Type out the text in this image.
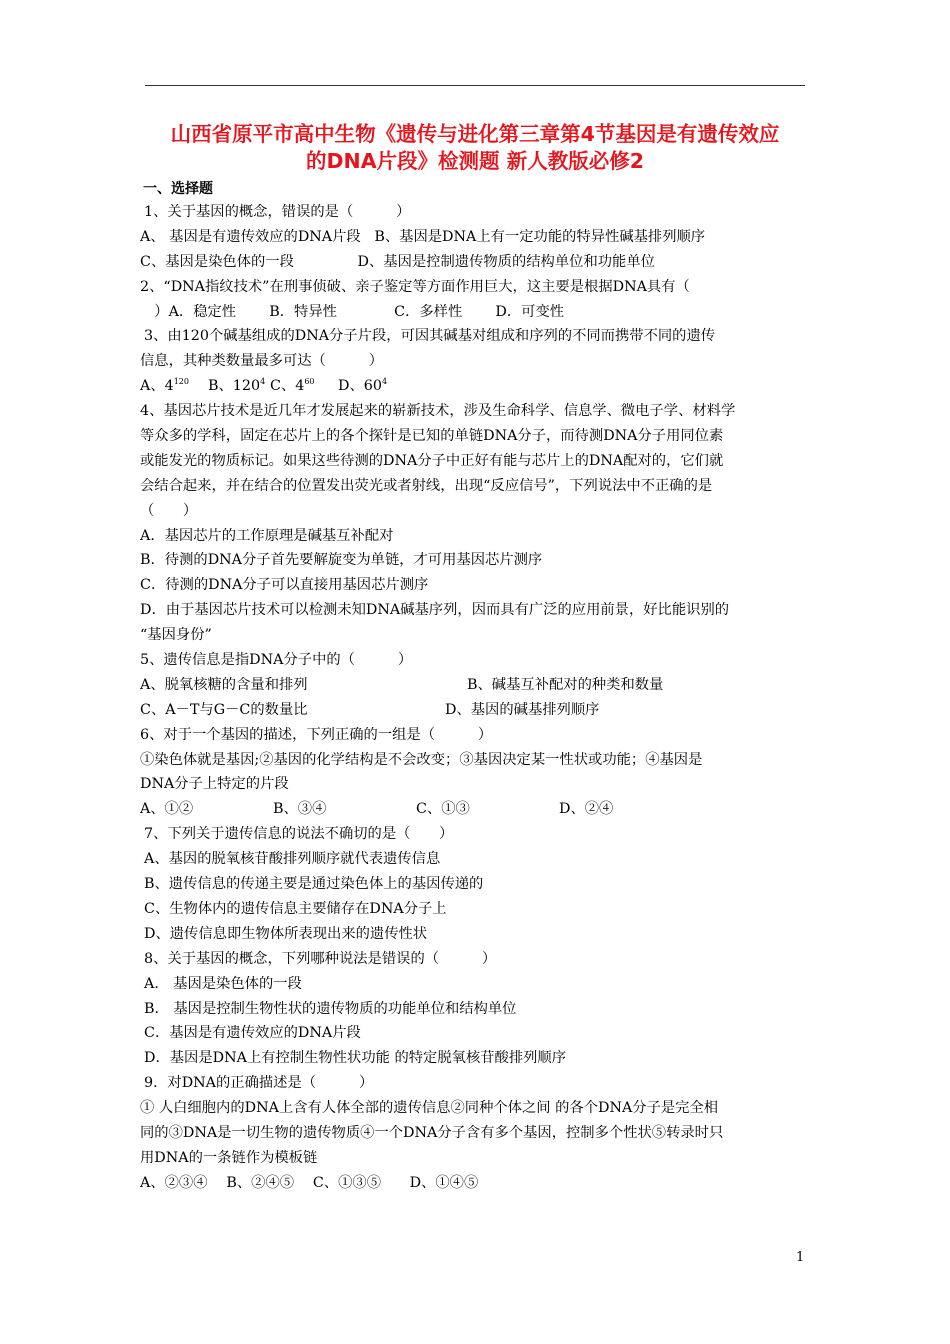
山西省原平市高中生物《遗传与进化第三章第4节基因是有遗传效应
的DNA片段》检测题 新人教版必修2
一、选择题
1、关于基因的概念，错误的是（　　　）
A、 基因是有遗传效应的DNA片段   B、基因是DNA上有一定功能的特异性碱基排列顺序
C、基因是染色体的一段              D、基因是控制遗传物质的结构单位和功能单位
2、“DNA指纹技术”在刑事侦破、亲子鉴定等方面作用巨大，这主要是根据DNA具有（
　）A．稳定性　　 B．特异性　　　　C．多样性　　 D．可变性
3、由120个碱基组成的DNA分子片段，可因其碱基对组成和序列的不同而携带不同的遗传
信息，其种类数量最多可达（　　　）
A、$4^{120}$	B、$120^4$ C、$4^{60}$	D、$60^4$
4、基因芯片技术是近几年才发展起来的崭新技术，涉及生命科学、信息学、微电子学、材料学
等众多的学科，固定在芯片上的各个探针是已知的单链DNA分子，而待测DNA分子用同位素
或能发光的物质标记。如果这些待测的DNA分子中正好有能与芯片上的DNA配对的，它们就
会结合起来，并在结合的位置发出荧光或者射线，出现“反应信号”，下列说法中不正确的是
（　　）
A．基因芯片的工作原理是碱基互补配对
B．待测的DNA分子首先要解旋变为单链，才可用基因芯片测序
C．待测的DNA分子可以直接用基因芯片测序
D．由于基因芯片技术可以检测未知DNA碱基序列，因而具有广泛的应用前景，好比能识别的
“基因身份”
5、遗传信息是指DNA分子中的（　　　）
A、脱氧核糖的含量和排列	B、碱基互补配对的种类和数量
C、A－T与G－C的数量比	D、基因的碱基排列顺序
6、对于一个基因的描述，下列正确的一组是（　　　）
①染色体就是基因;②基因的化学结构是不会改变；③基因决定某一性状或功能；④基因是
DNA分子上特定的片段
A、①②	B、③④	C、①③	D、②④
7、下列关于遗传信息的说法不确切的是（　　）
A、基因的脱氧核苷酸排列顺序就代表遗传信息
B、遗传信息的传递主要是通过染色体上的基因传递的
C、生物体内的遗传信息主要储存在DNA分子上
D、遗传信息即生物体所表现出来的遗传性状
8、关于基因的概念，下列哪种说法是错误的（　　　）
A． 基因是染色体的一段
B． 基因是控制生物性状的遗传物质的功能单位和结构单位
C．基因是有遗传效应的DNA片段
D．基因是DNA上有控制生物性状功能 的特定脱氧核苷酸排列顺序
9．对DNA的正确描述是（　　　）
① 人白细胞内的DNA上含有人体全部的遗传信息②同种个体之间 的各个DNA分子是完全相
同的③DNA是一切生物的遗传物质④一个DNA分子含有多个基因，控制多个性状⑤转录时只
用DNA的一条链作为模板链
A、②③④　 B、②④⑤　 C、①③⑤　　D、①④⑤
1
